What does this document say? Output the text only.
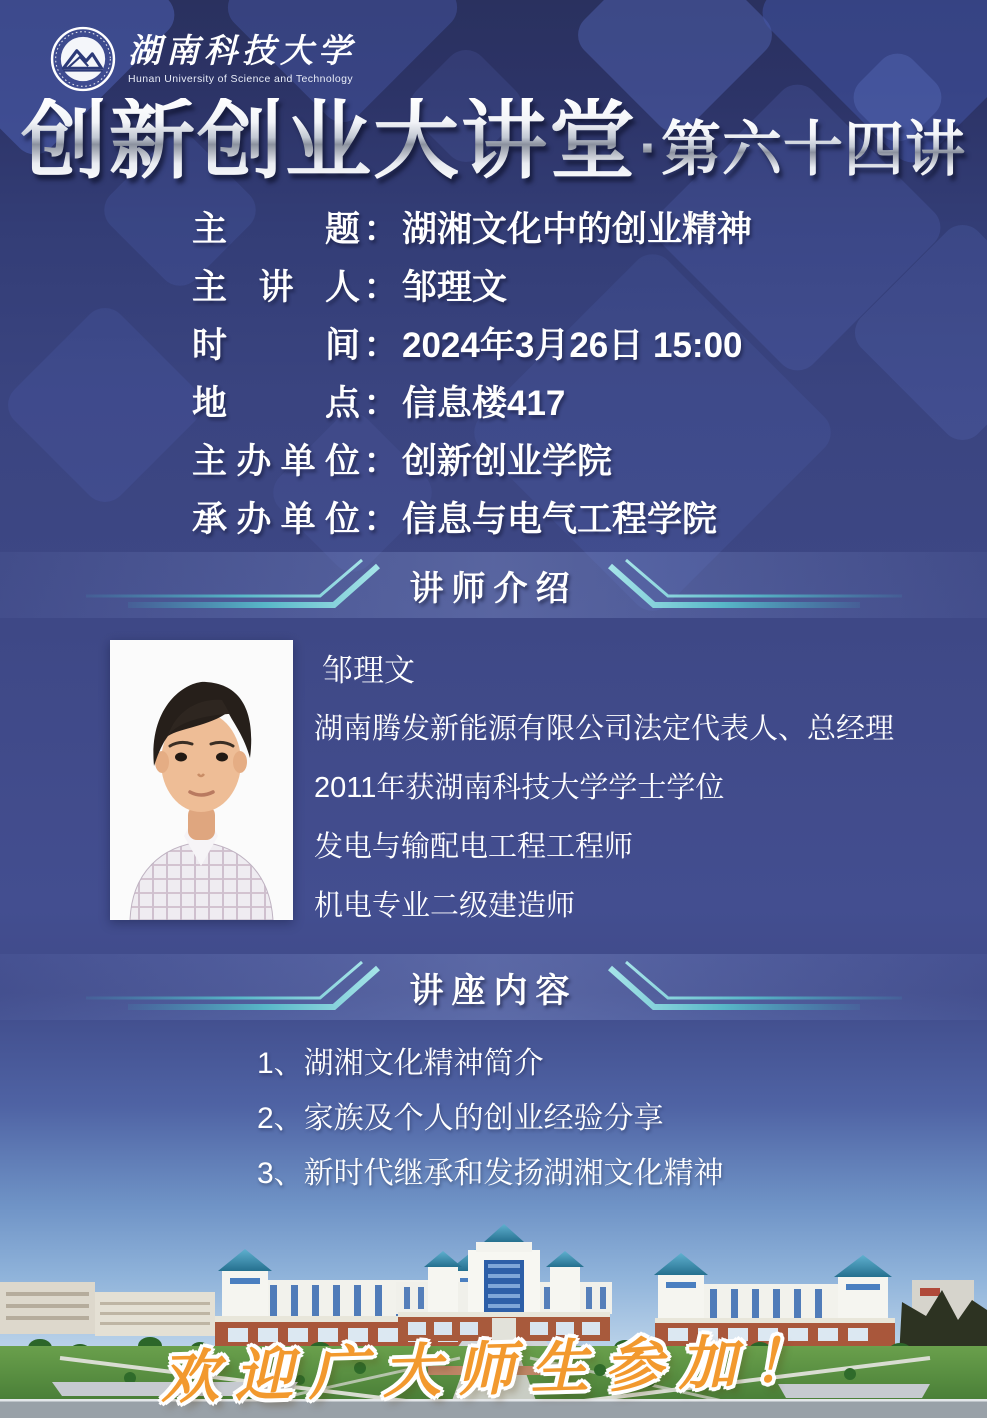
湖南科技大学
Hunan University of Science and Technology
创新创业大讲堂 · 第六十四讲
主题： 湖湘文化中的创业精神
主讲人： 邹理文
时间： 2024年3月26日 15:00
地点： 信息楼417
主办单位： 创新创业学院
承办单位： 信息与电气工程学院
讲师介绍
邹理文
湖南腾发新能源有限公司法定代表人、总经理
2011年获湖南科技大学学士学位
发电与输配电工程工程师
机电专业二级建造师
讲座内容
1、湖湘文化精神简介
2、家族及个人的创业经验分享
3、新时代继承和发扬湖湘文化精神
欢迎广大师生参加！
